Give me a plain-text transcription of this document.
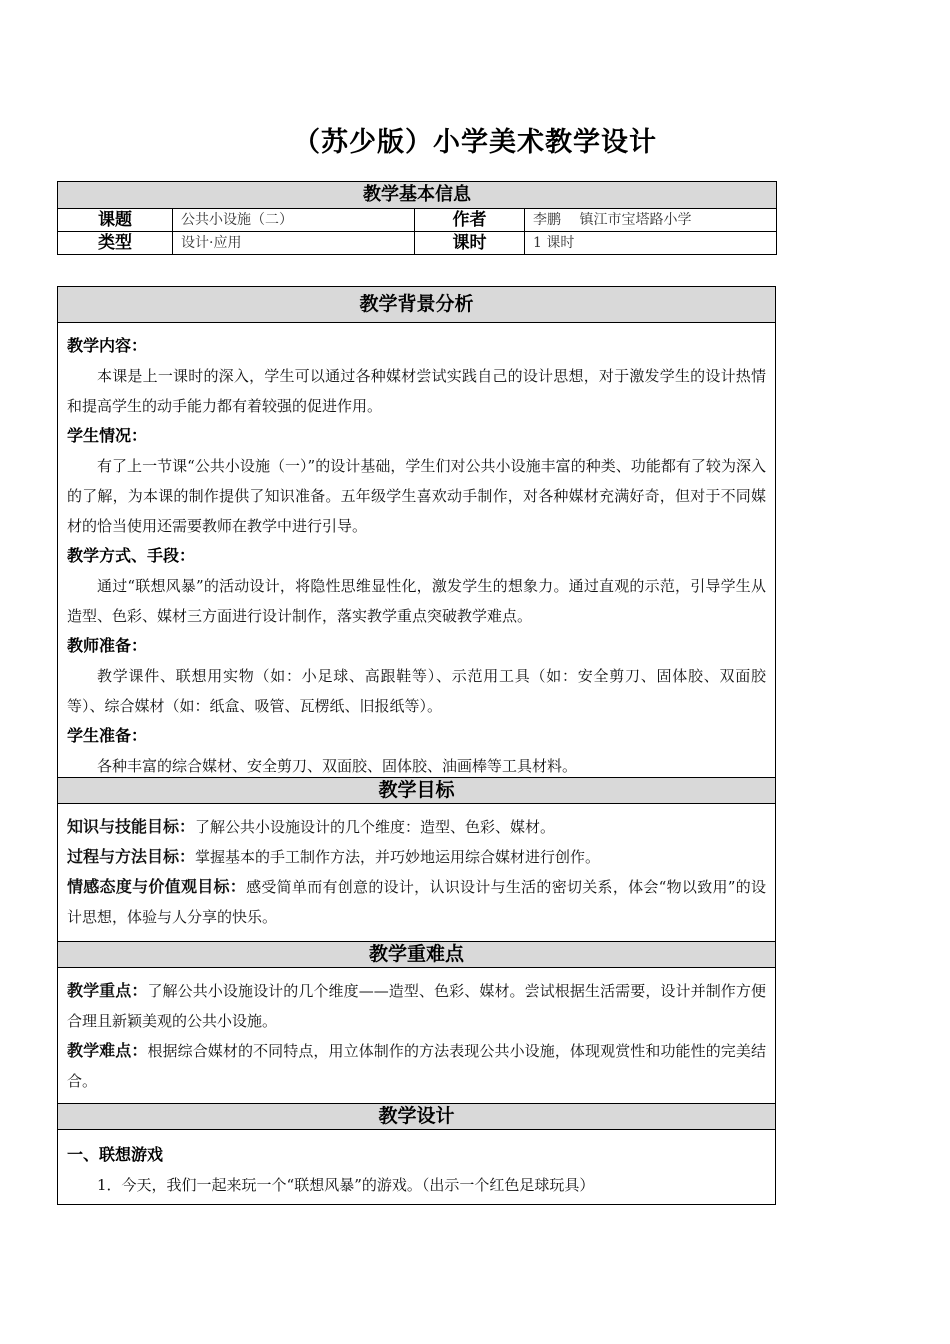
（苏少版）小学美术教学设计
教学基本信息			
课题	公共小设施（二）	作者	李鹏　 镇江市宝塔路小学
类型	设计·应用	课时	1 课时
教学背景分析
教学内容：
本课是上一课时的深入，学生可以通过各种媒材尝试实践自己的设计思想，对于激发学生的设计热情和提高学生的动手能力都有着较强的促进作用。
学生情况：
有了上一节课“公共小设施（一）”的设计基础，学生们对公共小设施丰富的种类、功能都有了较为深入的了解，为本课的制作提供了知识准备。五年级学生喜欢动手制作，对各种媒材充满好奇，但对于不同媒材的恰当使用还需要教师在教学中进行引导。
教学方式、手段：
通过“联想风暴”的活动设计，将隐性思维显性化，激发学生的想象力。通过直观的示范，引导学生从造型、色彩、媒材三方面进行设计制作，落实教学重点突破教学难点。
教师准备：
教学课件、联想用实物（如：小足球、高跟鞋等）、示范用工具（如：安全剪刀、固体胶、双面胶等）、综合媒材（如：纸盒、吸管、瓦楞纸、旧报纸等）。
学生准备：
各种丰富的综合媒材、安全剪刀、双面胶、固体胶、油画棒等工具材料。
教学目标
知识与技能目标：了解公共小设施设计的几个维度：造型、色彩、媒材。
过程与方法目标：掌握基本的手工制作方法，并巧妙地运用综合媒材进行创作。
情感态度与价值观目标：感受简单而有创意的设计，认识设计与生活的密切关系，体会“物以致用”的设计思想，体验与人分享的快乐。
教学重难点
教学重点：了解公共小设施设计的几个维度——造型、色彩、媒材。尝试根据生活需要，设计并制作方便合理且新颖美观的公共小设施。
教学难点：根据综合媒材的不同特点，用立体制作的方法表现公共小设施，体现观赏性和功能性的完美结合。
教学设计
一、联想游戏
1．今天，我们一起来玩一个“联想风暴”的游戏。（出示一个红色足球玩具）
